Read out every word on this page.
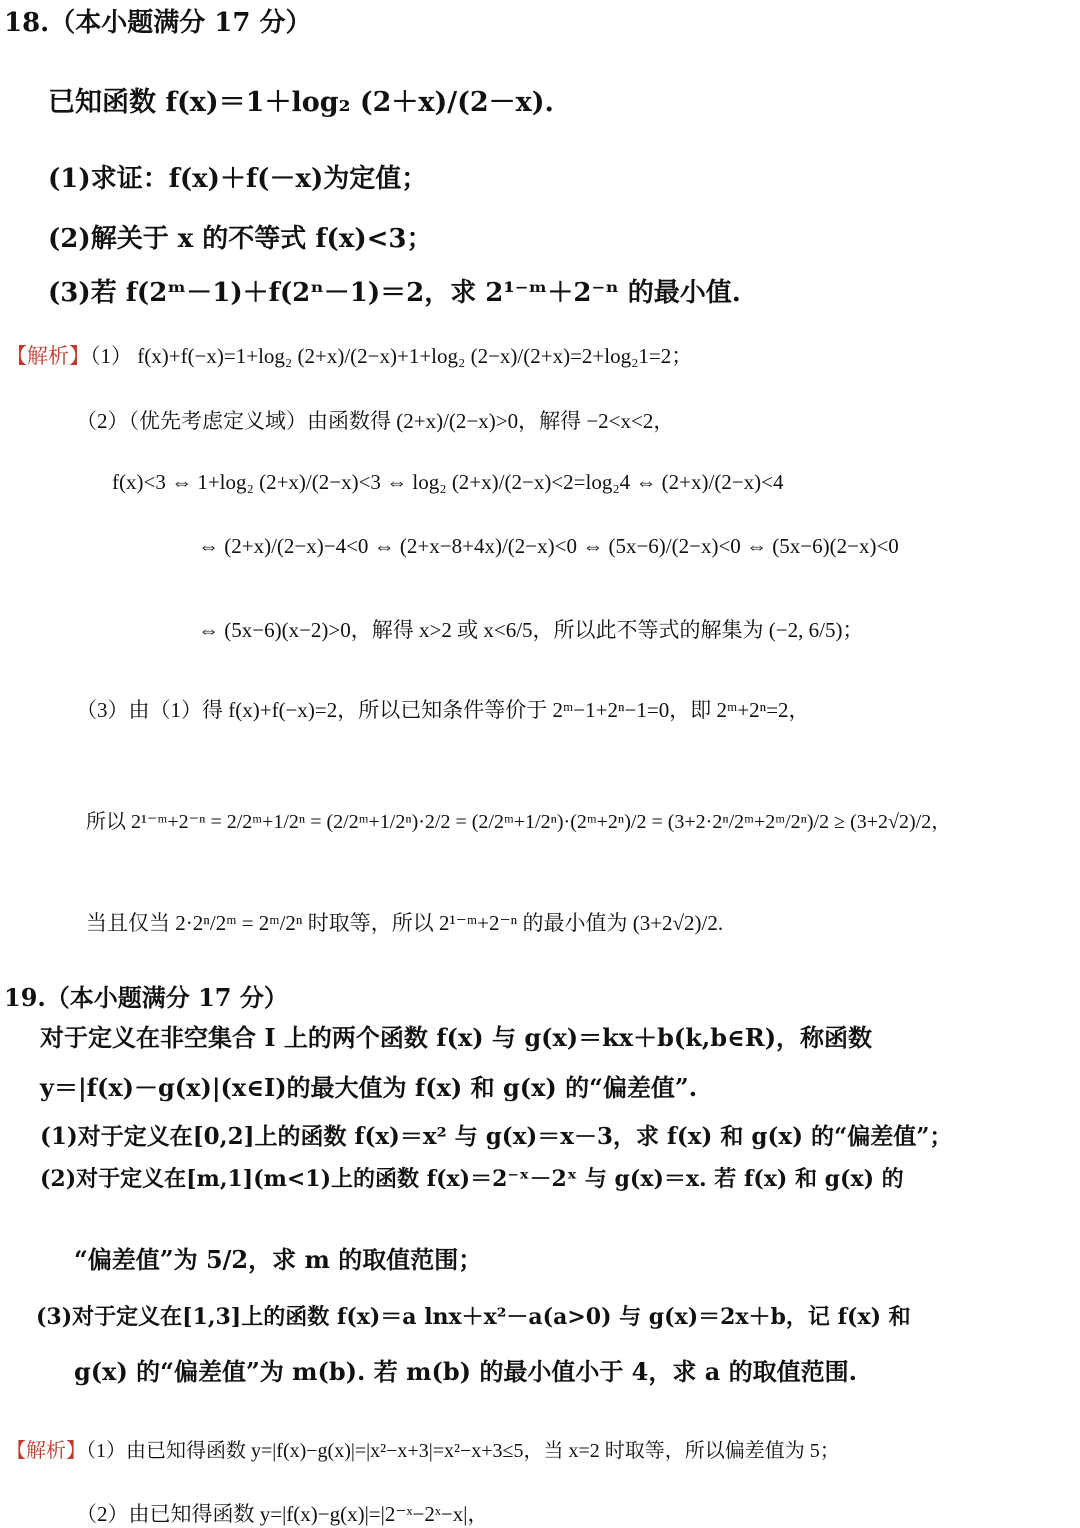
18.（本小题满分 17 分）
已知函数 f(x)＝1＋log₂ (2＋x)/(2－x).
(1)求证：f(x)＋f(－x)为定值；
(2)解关于 x 的不等式 f(x)<3；
(3)若 f(2ᵐ－1)＋f(2ⁿ－1)＝2，求 2¹⁻ᵐ＋2⁻ⁿ 的最小值.
【解析】（1） f(x)+f(−x)=1+log₂ (2+x)/(2−x)+1+log₂ (2−x)/(2+x)=2+log₂1=2；
（2）（优先考虑定义域）由函数得 (2+x)/(2−x)>0，解得 −2<x<2，
f(x)<3 ⇔ 1+log₂ (2+x)/(2−x)<3 ⇔ log₂ (2+x)/(2−x)<2=log₂4 ⇔ (2+x)/(2−x)<4
⇔ (2+x)/(2−x)−4<0 ⇔ (2+x−8+4x)/(2−x)<0 ⇔ (5x−6)/(2−x)<0 ⇔ (5x−6)(2−x)<0
⇔ (5x−6)(x−2)>0，解得 x>2 或 x<6/5，所以此不等式的解集为 (−2, 6/5)；
（3）由（1）得 f(x)+f(−x)=2，所以已知条件等价于 2ᵐ−1+2ⁿ−1=0，即 2ᵐ+2ⁿ=2，
所以 2¹⁻ᵐ+2⁻ⁿ = 2/2ᵐ+1/2ⁿ = (2/2ᵐ+1/2ⁿ)·2/2 = (2/2ᵐ+1/2ⁿ)·(2ᵐ+2ⁿ)/2 = (3+2·2ⁿ/2ᵐ+2ᵐ/2ⁿ)/2 ≥ (3+2√2)/2，
当且仅当 2·2ⁿ/2ᵐ = 2ᵐ/2ⁿ 时取等，所以 2¹⁻ᵐ+2⁻ⁿ 的最小值为 (3+2√2)/2.
19.（本小题满分 17 分）
对于定义在非空集合 I 上的两个函数 f(x) 与 g(x)＝kx＋b(k,b∈R)，称函数
y＝|f(x)－g(x)|(x∈I)的最大值为 f(x) 和 g(x) 的“偏差值”.
(1)对于定义在[0,2]上的函数 f(x)＝x² 与 g(x)＝x－3，求 f(x) 和 g(x) 的“偏差值”；
(2)对于定义在[m,1](m<1)上的函数 f(x)＝2⁻ˣ－2ˣ 与 g(x)＝x. 若 f(x) 和 g(x) 的
“偏差值”为 5/2，求 m 的取值范围；
(3)对于定义在[1,3]上的函数 f(x)＝a lnx＋x²－a(a>0) 与 g(x)＝2x＋b，记 f(x) 和
g(x) 的“偏差值”为 m(b). 若 m(b) 的最小值小于 4，求 a 的取值范围.
【解析】（1）由已知得函数 y=|f(x)−g(x)|=|x²−x+3|=x²−x+3≤5，当 x=2 时取等，所以偏差值为 5；
（2）由已知得函数 y=|f(x)−g(x)|=|2⁻ˣ−2ˣ−x|，
